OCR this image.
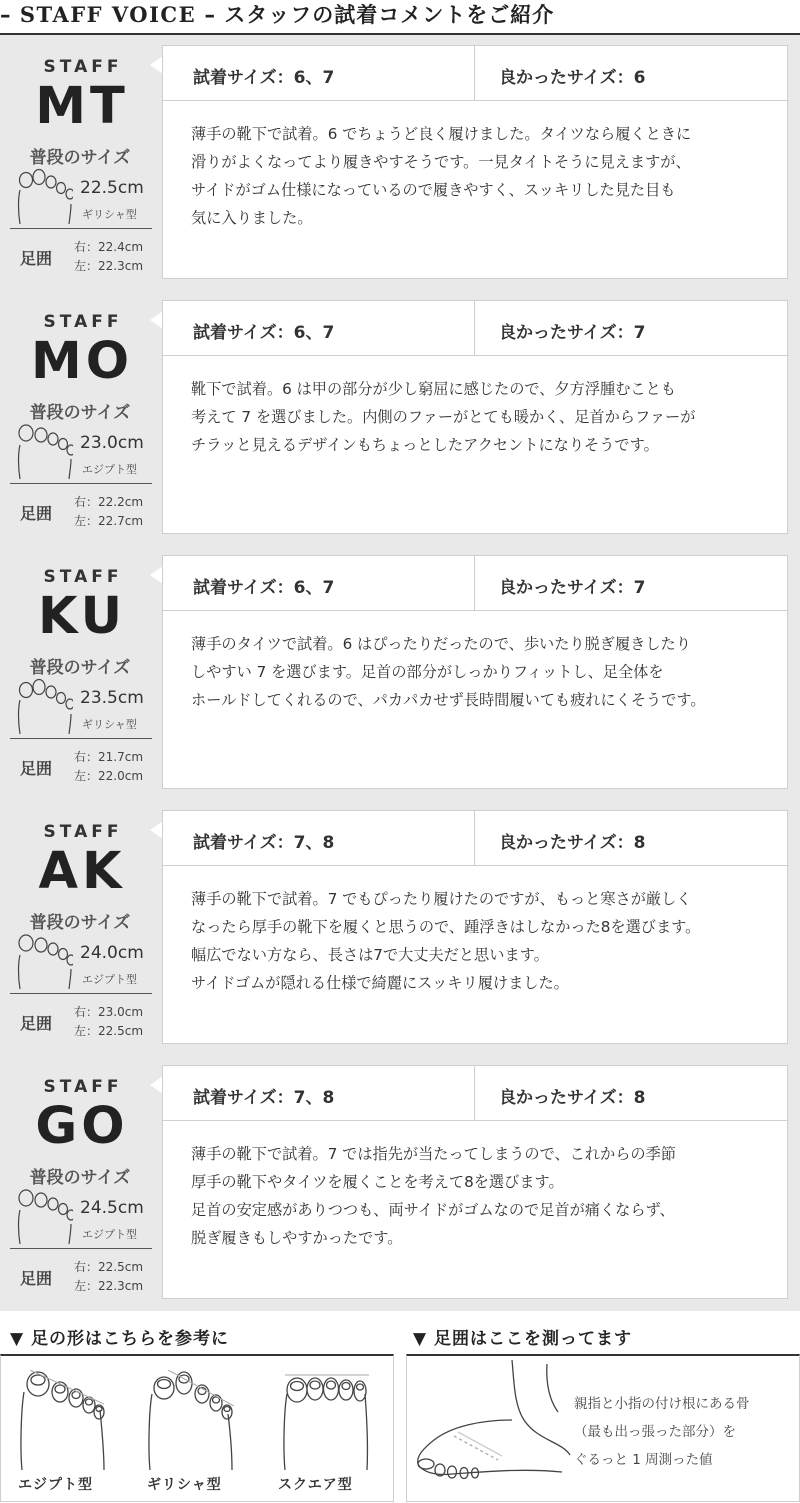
– STAFF VOICE – スタッフの試着コメントをご紹介
STAFF
MT
普段のサイズ
22.5cm
ギリシャ型
足囲
右：22.4cm
左：22.3cm
試着サイズ：6、7	良かったサイズ：6
薄手の靴下で試着。6 でちょうど良く履けました。タイツなら履くときに
滑りがよくなってより履きやすそうです。一見タイトそうに見えますが、
サイドがゴム仕様になっているので履きやすく、スッキリした見た目も
気に入りました。
STAFF
MO
普段のサイズ
23.0cm
エジプト型
足囲
右：22.2cm
左：22.7cm
試着サイズ：6、7	良かったサイズ：7
靴下で試着。6 は甲の部分が少し窮屈に感じたので、夕方浮腫むことも
考えて 7 を選びました。内側のファーがとても暖かく、足首からファーが
チラッと見えるデザインもちょっとしたアクセントになりそうです。
STAFF
KU
普段のサイズ
23.5cm
ギリシャ型
足囲
右：21.7cm
左：22.0cm
試着サイズ：6、7	良かったサイズ：7
薄手のタイツで試着。6 はぴったりだったので、歩いたり脱ぎ履きしたり
しやすい 7 を選びます。足首の部分がしっかりフィットし、足全体を
ホールドしてくれるので、パカパカせず長時間履いても疲れにくそうです。
STAFF
AK
普段のサイズ
24.0cm
エジプト型
足囲
右：23.0cm
左：22.5cm
試着サイズ：7、8	良かったサイズ：8
薄手の靴下で試着。7 でもぴったり履けたのですが、もっと寒さが厳しく
なったら厚手の靴下を履くと思うので、踵浮きはしなかった8を選びます。
幅広でない方なら、長さは7で大丈夫だと思います。
サイドゴムが隠れる仕様で綺麗にスッキリ履けました。
STAFF
GO
普段のサイズ
24.5cm
エジプト型
足囲
右：22.5cm
左：22.3cm
試着サイズ：7、8	良かったサイズ：8
薄手の靴下で試着。7 では指先が当たってしまうので、これからの季節
厚手の靴下やタイツを履くことを考えて8を選びます。
足首の安定感がありつつも、両サイドがゴムなので足首が痛くならず、
脱ぎ履きもしやすかったです。
▼ 足の形はこちらを参考に
エジプト型	ギリシャ型	スクエア型
▼ 足囲はここを測ってます
親指と小指の付け根にある骨
（最も出っ張った部分）を
ぐるっと 1 周測った値
